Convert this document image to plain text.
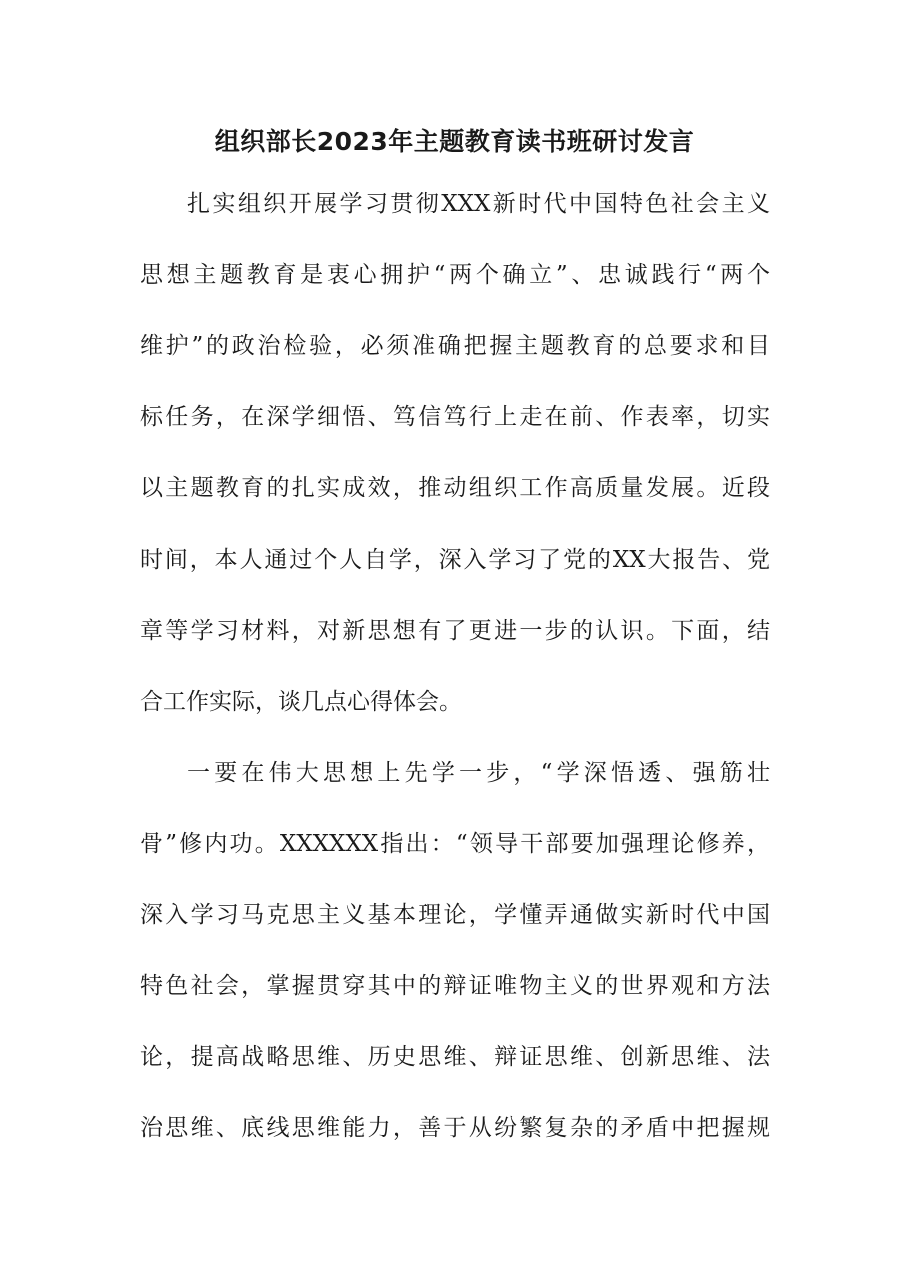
组织部长2023年主题教育读书班研讨发言
扎实组织开展学习贯彻XXX新时代中国特色社会主义
思想主题教育是衷心拥护“两个确立”、忠诚践行“两个
维护”的政治检验，必须准确把握主题教育的总要求和目
标任务，在深学细悟、笃信笃行上走在前、作表率，切实
以主题教育的扎实成效，推动组织工作高质量发展。近段
时间，本人通过个人自学，深入学习了党的XX大报告、党
章等学习材料，对新思想有了更进一步的认识。下面，结
合工作实际，谈几点心得体会。
一要在伟大思想上先学一步，“学深悟透、强筋壮
骨”修内功。XXXXXX指出：“领导干部要加强理论修养，
深入学习马克思主义基本理论，学懂弄通做实新时代中国
特色社会，掌握贯穿其中的辩证唯物主义的世界观和方法
论，提高战略思维、历史思维、辩证思维、创新思维、法
治思维、底线思维能力，善于从纷繁复杂的矛盾中把握规
